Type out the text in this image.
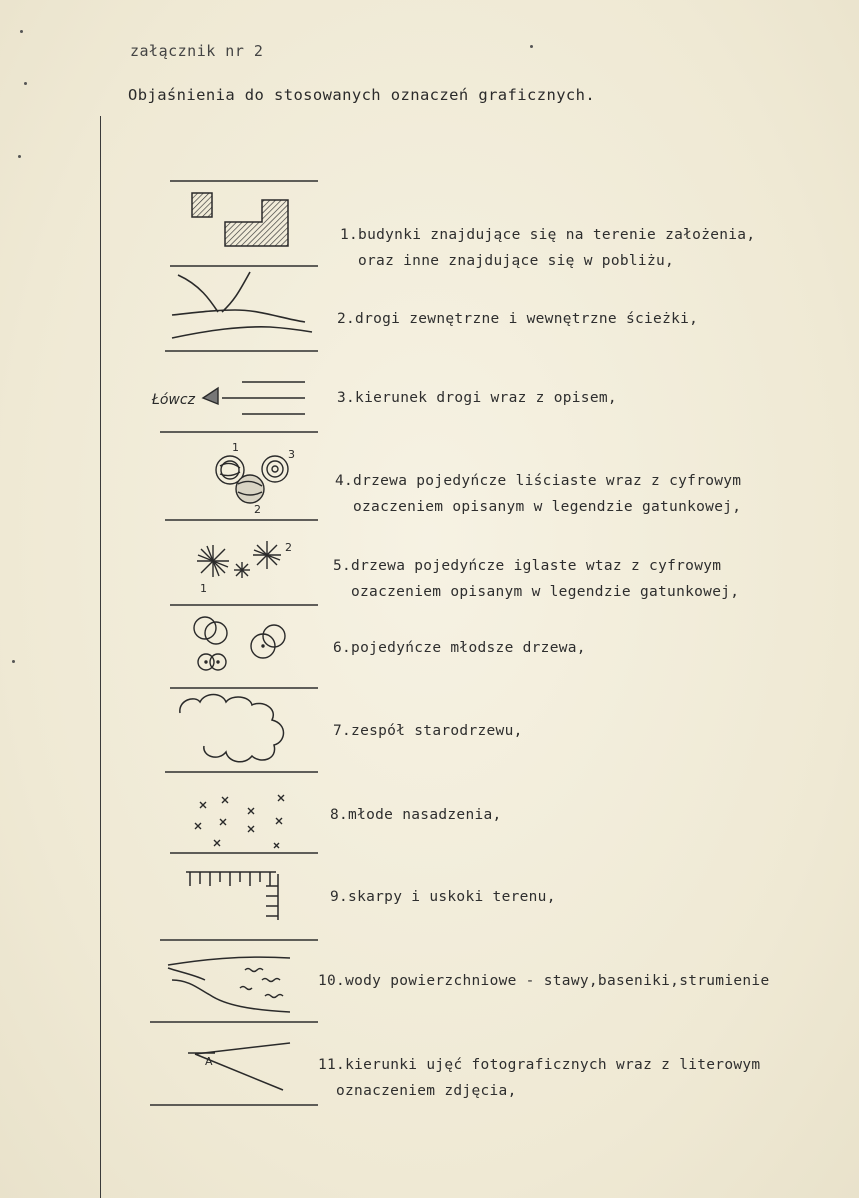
załącznik nr 2
Objaśnienia do stosowanych oznaczeń graficznych.
Łówcz
1
3
2
2
1
A
1.budynki znajdujące się na terenie założenia,
oraz inne znajdujące się w pobliżu,
2.drogi zewnętrzne i wewnętrzne ścieżki,
3.kierunek drogi wraz z opisem,
4.drzewa pojedyńcze liściaste wraz z cyfrowym
ozaczeniem opisanym w legendzie gatunkowej,
5.drzewa pojedyńcze iglaste wtaz z cyfrowym
ozaczeniem opisanym w legendzie gatunkowej,
6.pojedyńcze młodsze drzewa,
7.zespół starodrzewu,
8.młode nasadzenia,
9.skarpy i uskoki terenu,
10.wody powierzchniowe - stawy,baseniki,strumienie
11.kierunki ujęć fotograficznych wraz z literowym
oznaczeniem zdjęcia,
